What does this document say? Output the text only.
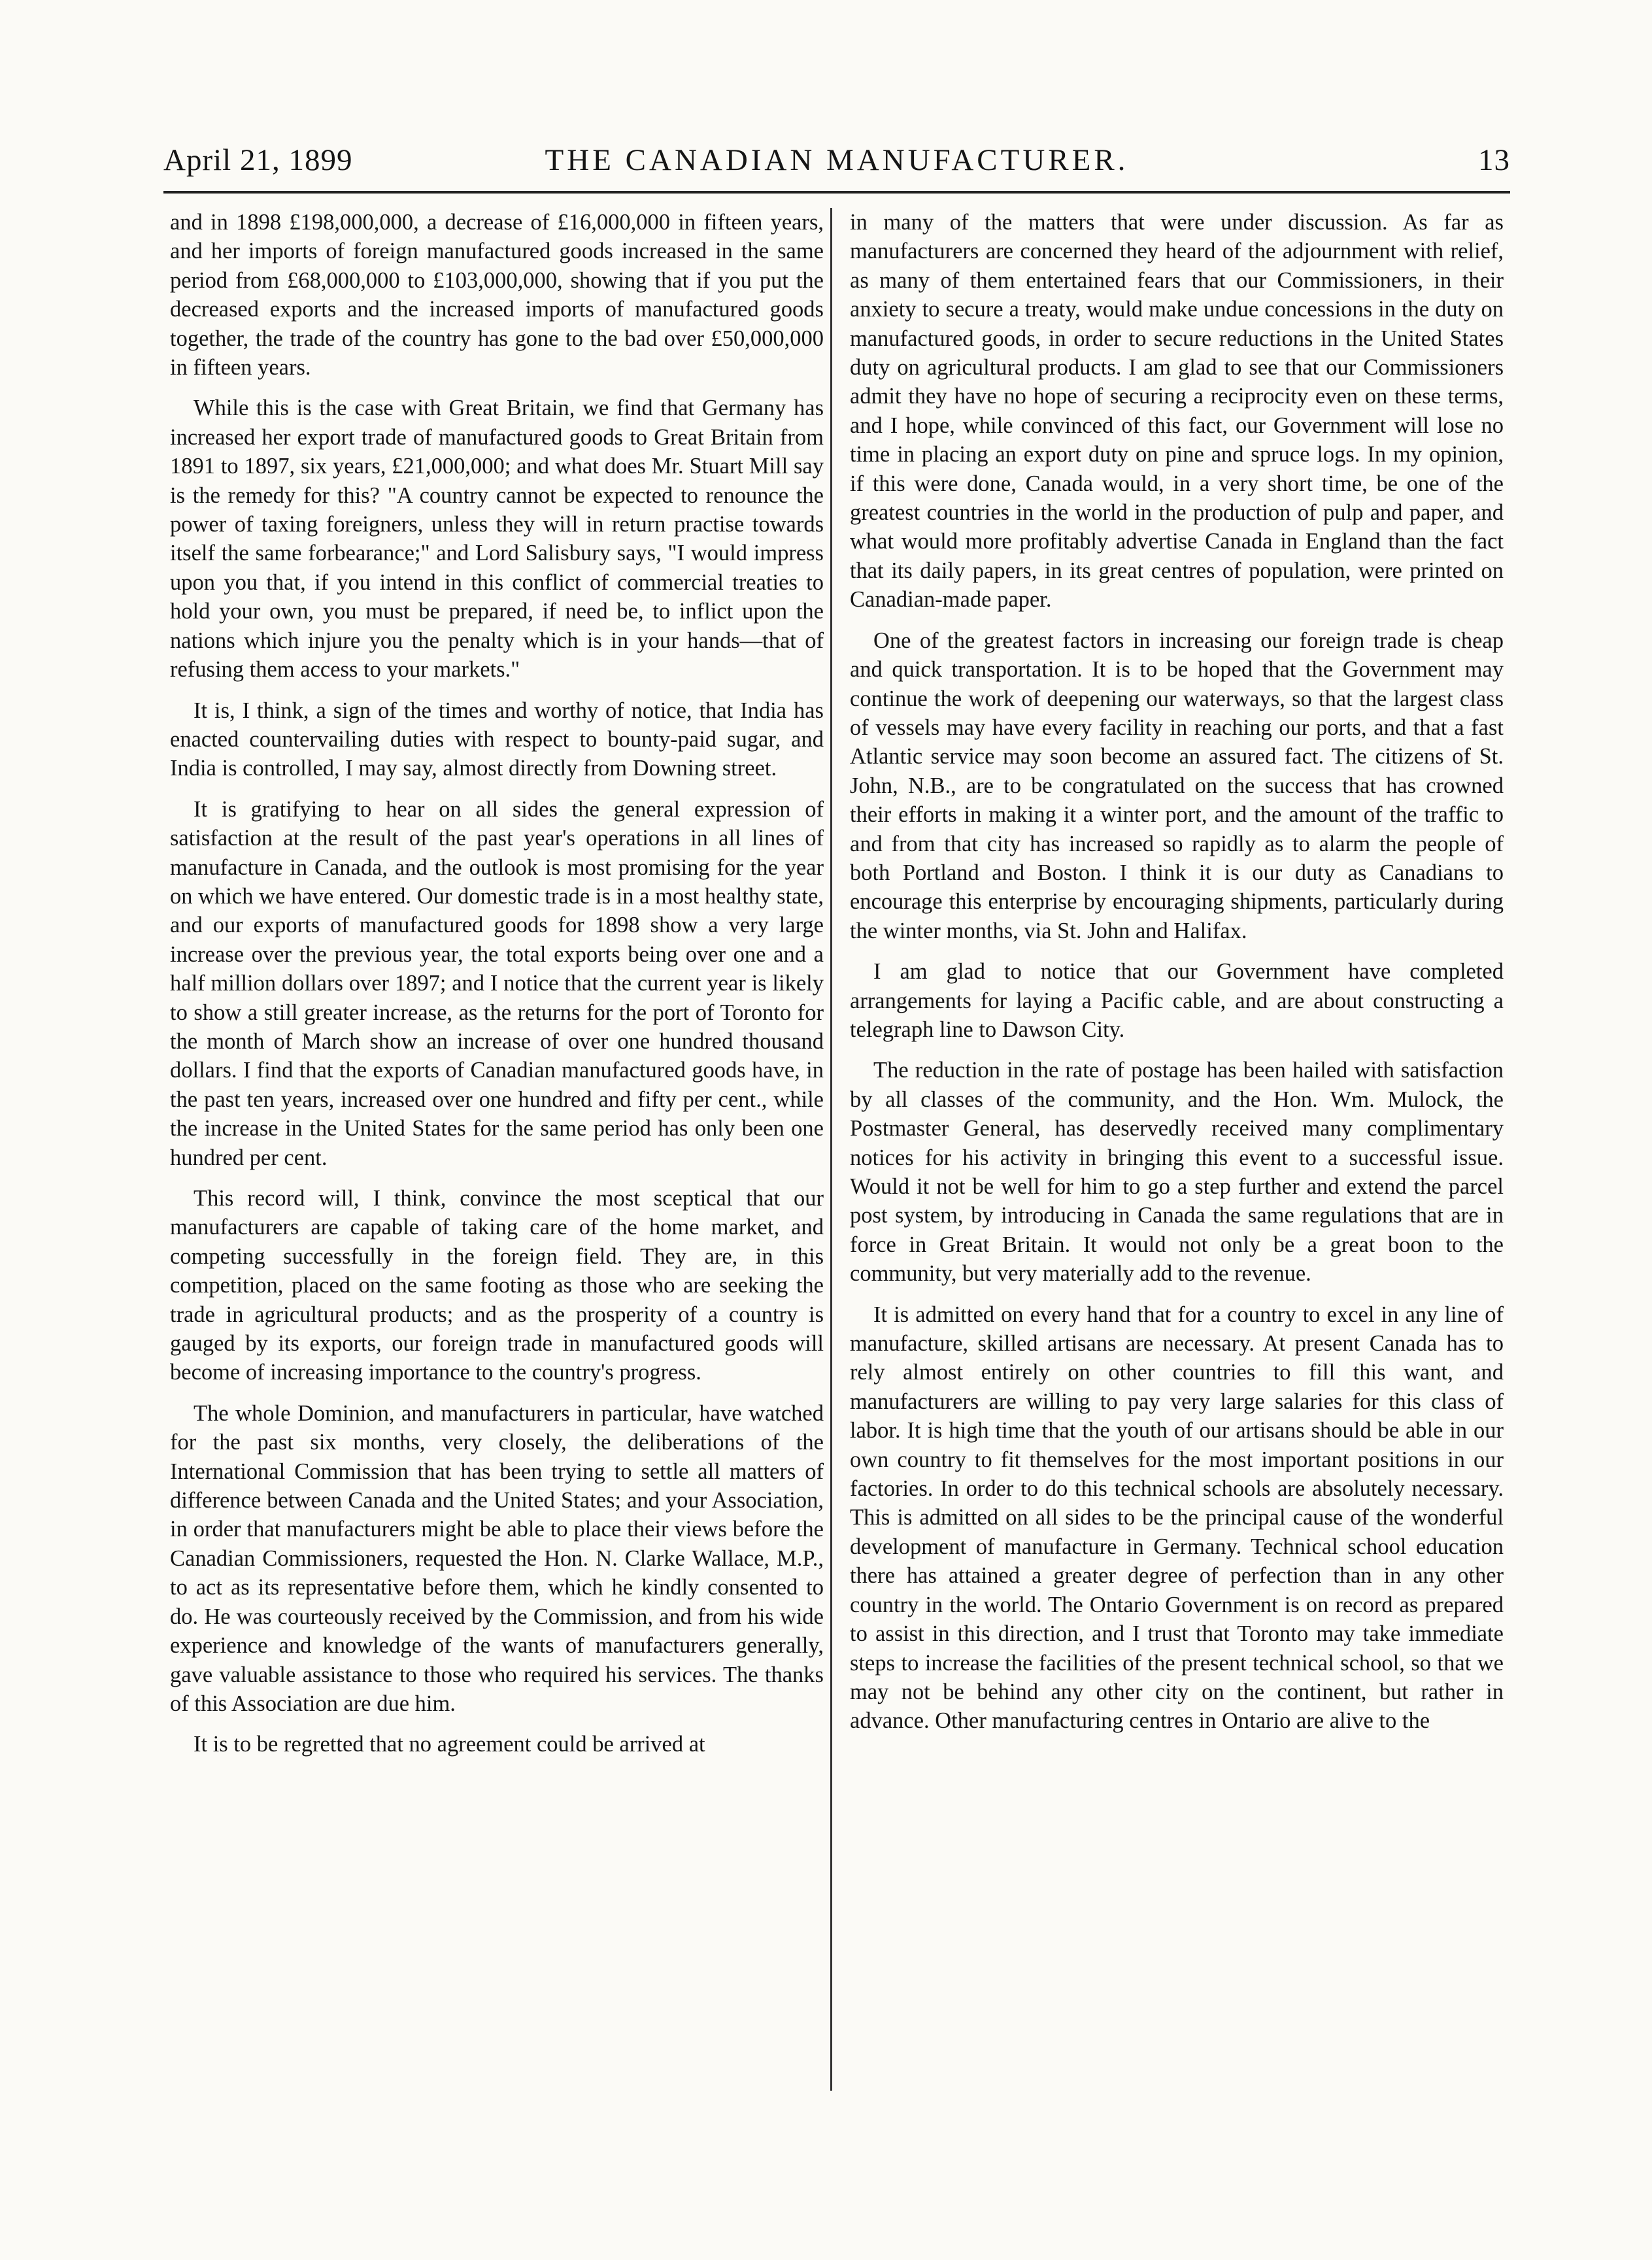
April 21, 1899	THE CANADIAN MANUFACTURER.	13

and in 1898 £198,000,000, a decrease of £16,000,000 in fifteen years, and her imports of foreign manufactured goods increased in the same period from £68,000,000 to £103,000,000, showing that if you put the decreased exports and the increased imports of manufactured goods together, the trade of the country has gone to the bad over £50,000,000 in fifteen years.

While this is the case with Great Britain, we find that Germany has increased her export trade of manufactured goods to Great Britain from 1891 to 1897, six years, £21,000,000; and what does Mr. Stuart Mill say is the remedy for this? "A country cannot be expected to renounce the power of taxing foreigners, unless they will in return practise towards itself the same forbearance;" and Lord Salisbury says, "I would impress upon you that, if you intend in this conflict of commercial treaties to hold your own, you must be prepared, if need be, to inflict upon the nations which injure you the penalty which is in your hands—that of refusing them access to your markets."

It is, I think, a sign of the times and worthy of notice, that India has enacted countervailing duties with respect to bounty-paid sugar, and India is controlled, I may say, almost directly from Downing street.

It is gratifying to hear on all sides the general expression of satisfaction at the result of the past year's operations in all lines of manufacture in Canada, and the outlook is most promising for the year on which we have entered. Our domestic trade is in a most healthy state, and our exports of manufactured goods for 1898 show a very large increase over the previous year, the total exports being over one and a half million dollars over 1897; and I notice that the current year is likely to show a still greater increase, as the returns for the port of Toronto for the month of March show an increase of over one hundred thousand dollars. I find that the exports of Canadian manufactured goods have, in the past ten years, increased over one hundred and fifty per cent., while the increase in the United States for the same period has only been one hundred per cent.

This record will, I think, convince the most sceptical that our manufacturers are capable of taking care of the home market, and competing successfully in the foreign field. They are, in this competition, placed on the same footing as those who are seeking the trade in agricultural products; and as the prosperity of a country is gauged by its exports, our foreign trade in manufactured goods will become of increasing importance to the country's progress.

The whole Dominion, and manufacturers in particular, have watched for the past six months, very closely, the deliberations of the International Commission that has been trying to settle all matters of difference between Canada and the United States; and your Association, in order that manufacturers might be able to place their views before the Canadian Commissioners, requested the Hon. N. Clarke Wallace, M.P., to act as its representative before them, which he kindly consented to do. He was courteously received by the Commission, and from his wide experience and knowledge of the wants of manufacturers generally, gave valuable assistance to those who required his services. The thanks of this Association are due him.

It is to be regretted that no agreement could be arrived at

in many of the matters that were under discussion. As far as manufacturers are concerned they heard of the adjournment with relief, as many of them entertained fears that our Commissioners, in their anxiety to secure a treaty, would make undue concessions in the duty on manufactured goods, in order to secure reductions in the United States duty on agricultural products. I am glad to see that our Commissioners admit they have no hope of securing a reciprocity even on these terms, and I hope, while convinced of this fact, our Government will lose no time in placing an export duty on pine and spruce logs. In my opinion, if this were done, Canada would, in a very short time, be one of the greatest countries in the world in the production of pulp and paper, and what would more profitably advertise Canada in England than the fact that its daily papers, in its great centres of population, were printed on Canadian-made paper.

One of the greatest factors in increasing our foreign trade is cheap and quick transportation. It is to be hoped that the Government may continue the work of deepening our waterways, so that the largest class of vessels may have every facility in reaching our ports, and that a fast Atlantic service may soon become an assured fact. The citizens of St. John, N.B., are to be congratulated on the success that has crowned their efforts in making it a winter port, and the amount of the traffic to and from that city has increased so rapidly as to alarm the people of both Portland and Boston. I think it is our duty as Canadians to encourage this enterprise by encouraging shipments, particularly during the winter months, via St. John and Halifax.

I am glad to notice that our Government have completed arrangements for laying a Pacific cable, and are about constructing a telegraph line to Dawson City.

The reduction in the rate of postage has been hailed with satisfaction by all classes of the community, and the Hon. Wm. Mulock, the Postmaster General, has deservedly received many complimentary notices for his activity in bringing this event to a successful issue. Would it not be well for him to go a step further and extend the parcel post system, by introducing in Canada the same regulations that are in force in Great Britain. It would not only be a great boon to the community, but very materially add to the revenue.

It is admitted on every hand that for a country to excel in any line of manufacture, skilled artisans are necessary. At present Canada has to rely almost entirely on other countries to fill this want, and manufacturers are willing to pay very large salaries for this class of labor. It is high time that the youth of our artisans should be able in our own country to fit themselves for the most important positions in our factories. In order to do this technical schools are absolutely necessary. This is admitted on all sides to be the principal cause of the wonderful development of manufacture in Germany. Technical school education there has attained a greater degree of perfection than in any other country in the world. The Ontario Government is on record as prepared to assist in this direction, and I trust that Toronto may take immediate steps to increase the facilities of the present technical school, so that we may not be behind any other city on the continent, but rather in advance. Other manufacturing centres in Ontario are alive to the
